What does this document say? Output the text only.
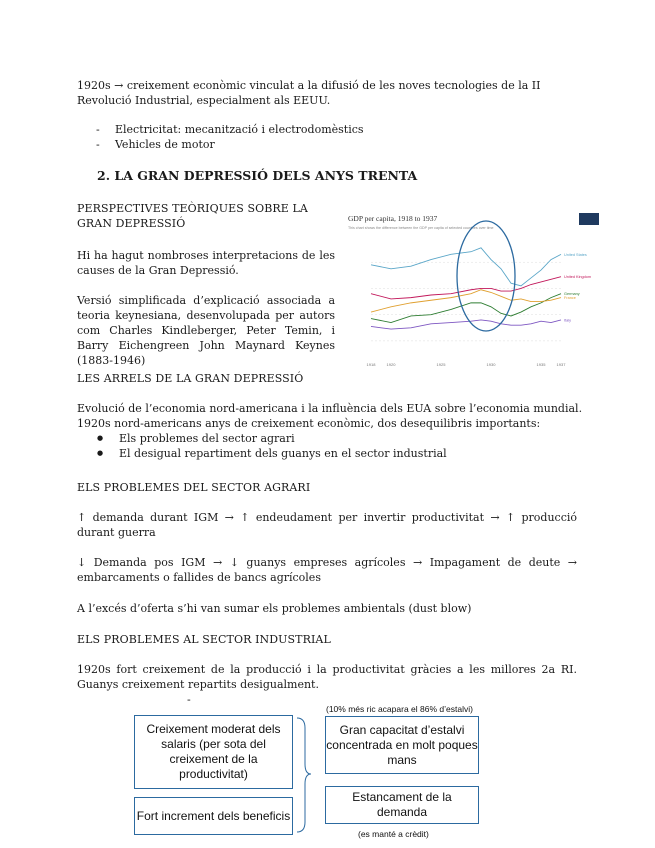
1920s → creixement econòmic vinculat a la difusió de les noves tecnologies de la II Revolució Industrial, especialment als EEUU.
- Electricitat: mecanització i electrodomèstics
- Vehicles de motor
2. LA GRAN DEPRESSIÓ DELS ANYS TRENTA
PERSPECTIVES TEÒRIQUES SOBRE LA GRAN DEPRESSIÓ
Hi ha hagut nombroses interpretacions de les causes de la Gran Depressió.
Versió simplificada d’explicació associada a teoria keynesiana, desenvolupada per autors com Charles Kindleberger, Peter Temin, i Barry Eichengreen John Maynard Keynes (1883-1946)
GDP per capita, 1918 to 1937
This chart shows the difference between the GDP per capita of selected countries over time
1918	1920	1925	1930	1935	1937
United States
United Kingdom
Germany
France
Italy
LES ARRELS DE LA GRAN DEPRESSIÓ
Evolució de l’economia nord-americana i la influència dels EUA sobre l’economia mundial. 1920s nord-americans anys de creixement econòmic, dos desequilibris importants:
● Els problemes del sector agrari
● El desigual repartiment dels guanys en el sector industrial
ELS PROBLEMES DEL SECTOR AGRARI
↑ demanda durant IGM → ↑ endeudament per invertir productivitat → ↑ producció durant guerra
↓ Demanda pos IGM → ↓ guanys empreses agrícoles → Impagament de deute → embarcaments o fallides de bancs agrícoles
A l’excés d’oferta s’hi van sumar els problemes ambientals (dust blow)
ELS PROBLEMES AL SECTOR INDUSTRIAL
1920s fort creixement de la producció i la productivitat gràcies a les millores 2a RI. Guanys creixement repartits desigualment.
-
(10% més ric acapara el 86% d’estalvi)
Creixement moderat dels salaris (per sota del creixement de la productivitat)
Fort increment dels beneficis
Gran capacitat d’estalvi concentrada en molt poques mans
Estancament de la demanda
(es manté a crèdit)
